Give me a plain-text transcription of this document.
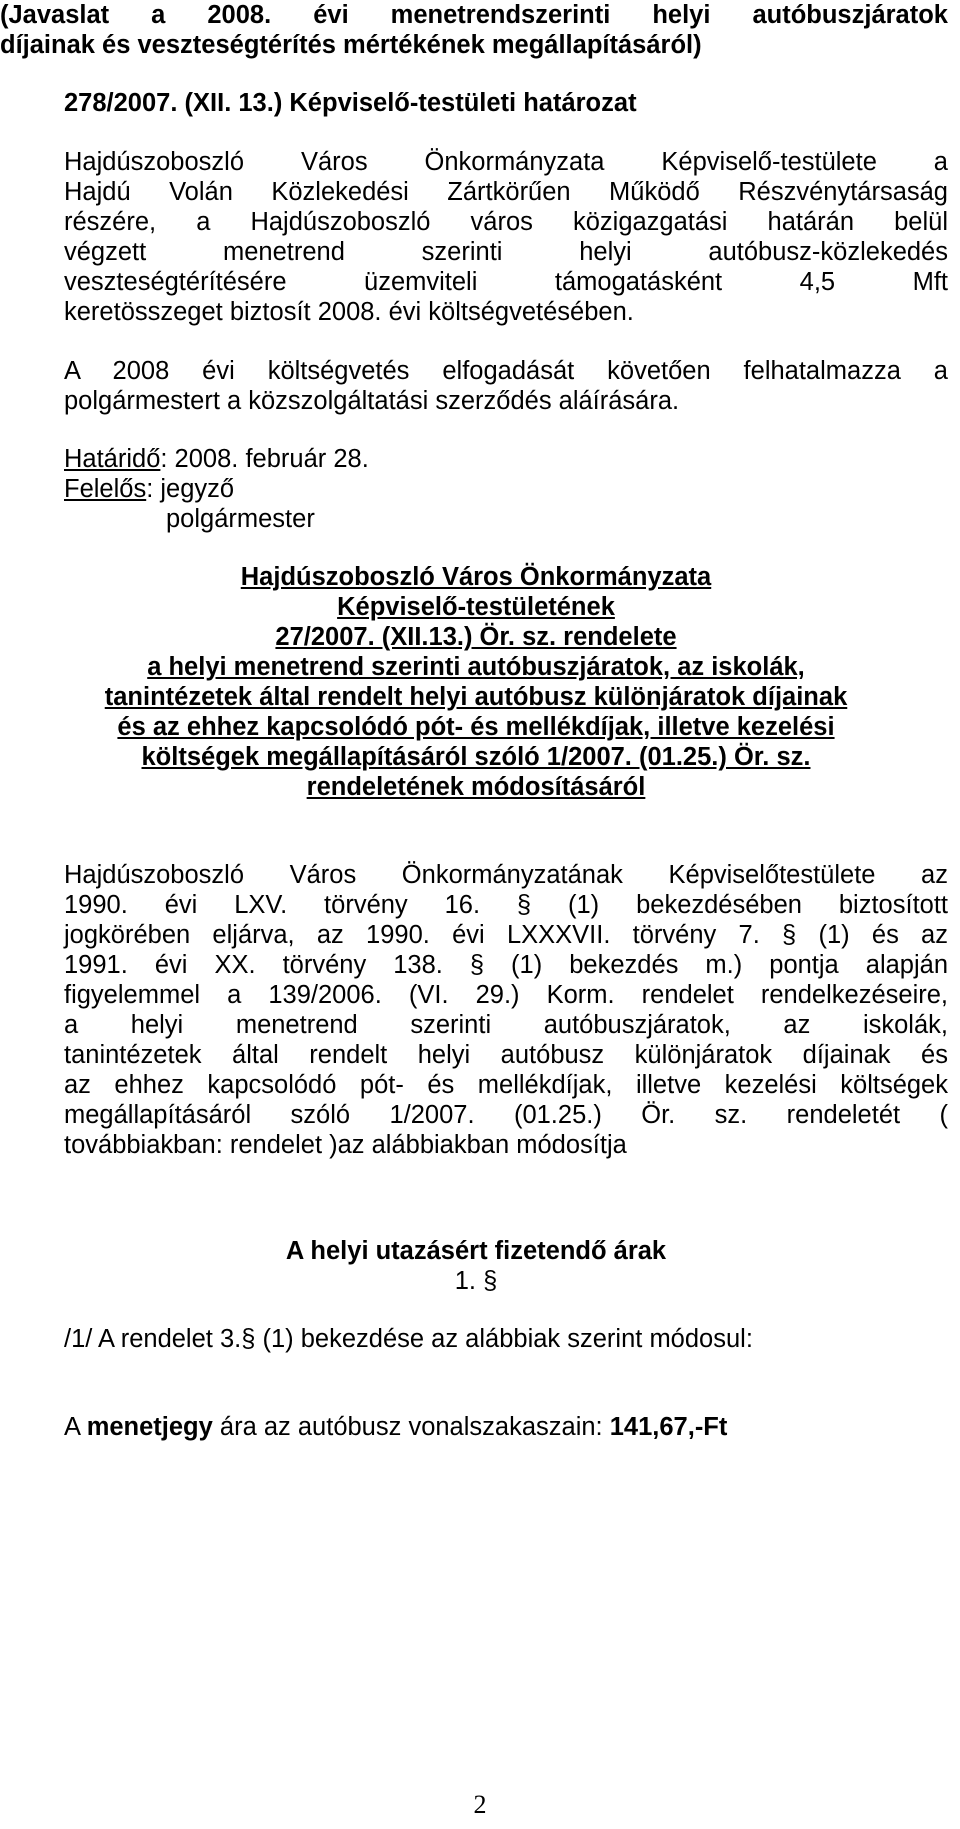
(Javaslat a 2008. évi menetrendszerinti helyi autóbuszjáratok
díjainak és veszteségtérítés mértékének megállapításáról)
278/2007. (XII. 13.) Képviselő-testületi határozat
Hajdúszoboszló Város Önkormányzata Képviselő-testülete a
Hajdú Volán Közlekedési Zártkörűen Működő Részvénytársaság
részére, a Hajdúszoboszló város közigazgatási határán belül
végzett menetrend szerinti helyi autóbusz-közlekedés
veszteségtérítésére üzemviteli támogatásként 4,5 Mft
keretösszeget biztosít 2008. évi költségvetésében.
A 2008 évi költségvetés elfogadását követően felhatalmazza a
polgármestert a közszolgáltatási szerződés aláírására.
Határidő: 2008. február 28.
Felelős: jegyző
polgármester
Hajdúszoboszló Város Önkormányzata
Képviselő-testületének
27/2007. (XII.13.) Ör. sz. rendelete
a helyi menetrend szerinti autóbuszjáratok, az iskolák,
tanintézetek által rendelt helyi autóbusz különjáratok díjainak
és az ehhez kapcsolódó pót- és mellékdíjak, illetve kezelési
költségek megállapításáról szóló 1/2007. (01.25.) Ör. sz.
rendeletének módosításáról
Hajdúszoboszló Város Önkormányzatának Képviselőtestülete az
1990. évi LXV. törvény 16. § (1) bekezdésében biztosított
jogkörében eljárva, az 1990. évi LXXXVII. törvény 7. § (1) és az
1991. évi XX. törvény 138. § (1) bekezdés m.) pontja alapján
figyelemmel a 139/2006. (VI. 29.) Korm. rendelet rendelkezéseire,
a helyi menetrend szerinti autóbuszjáratok, az iskolák,
tanintézetek által rendelt helyi autóbusz különjáratok díjainak és
az ehhez kapcsolódó pót- és mellékdíjak, illetve kezelési költségek
megállapításáról szóló 1/2007. (01.25.) Ör. sz. rendeletét (
továbbiakban: rendelet )az alábbiakban módosítja
A helyi utazásért fizetendő árak
1. §
/1/ A rendelet 3.§ (1) bekezdése az alábbiak szerint módosul:
A menetjegy ára az autóbusz vonalszakaszain: 141,67,-Ft
2
